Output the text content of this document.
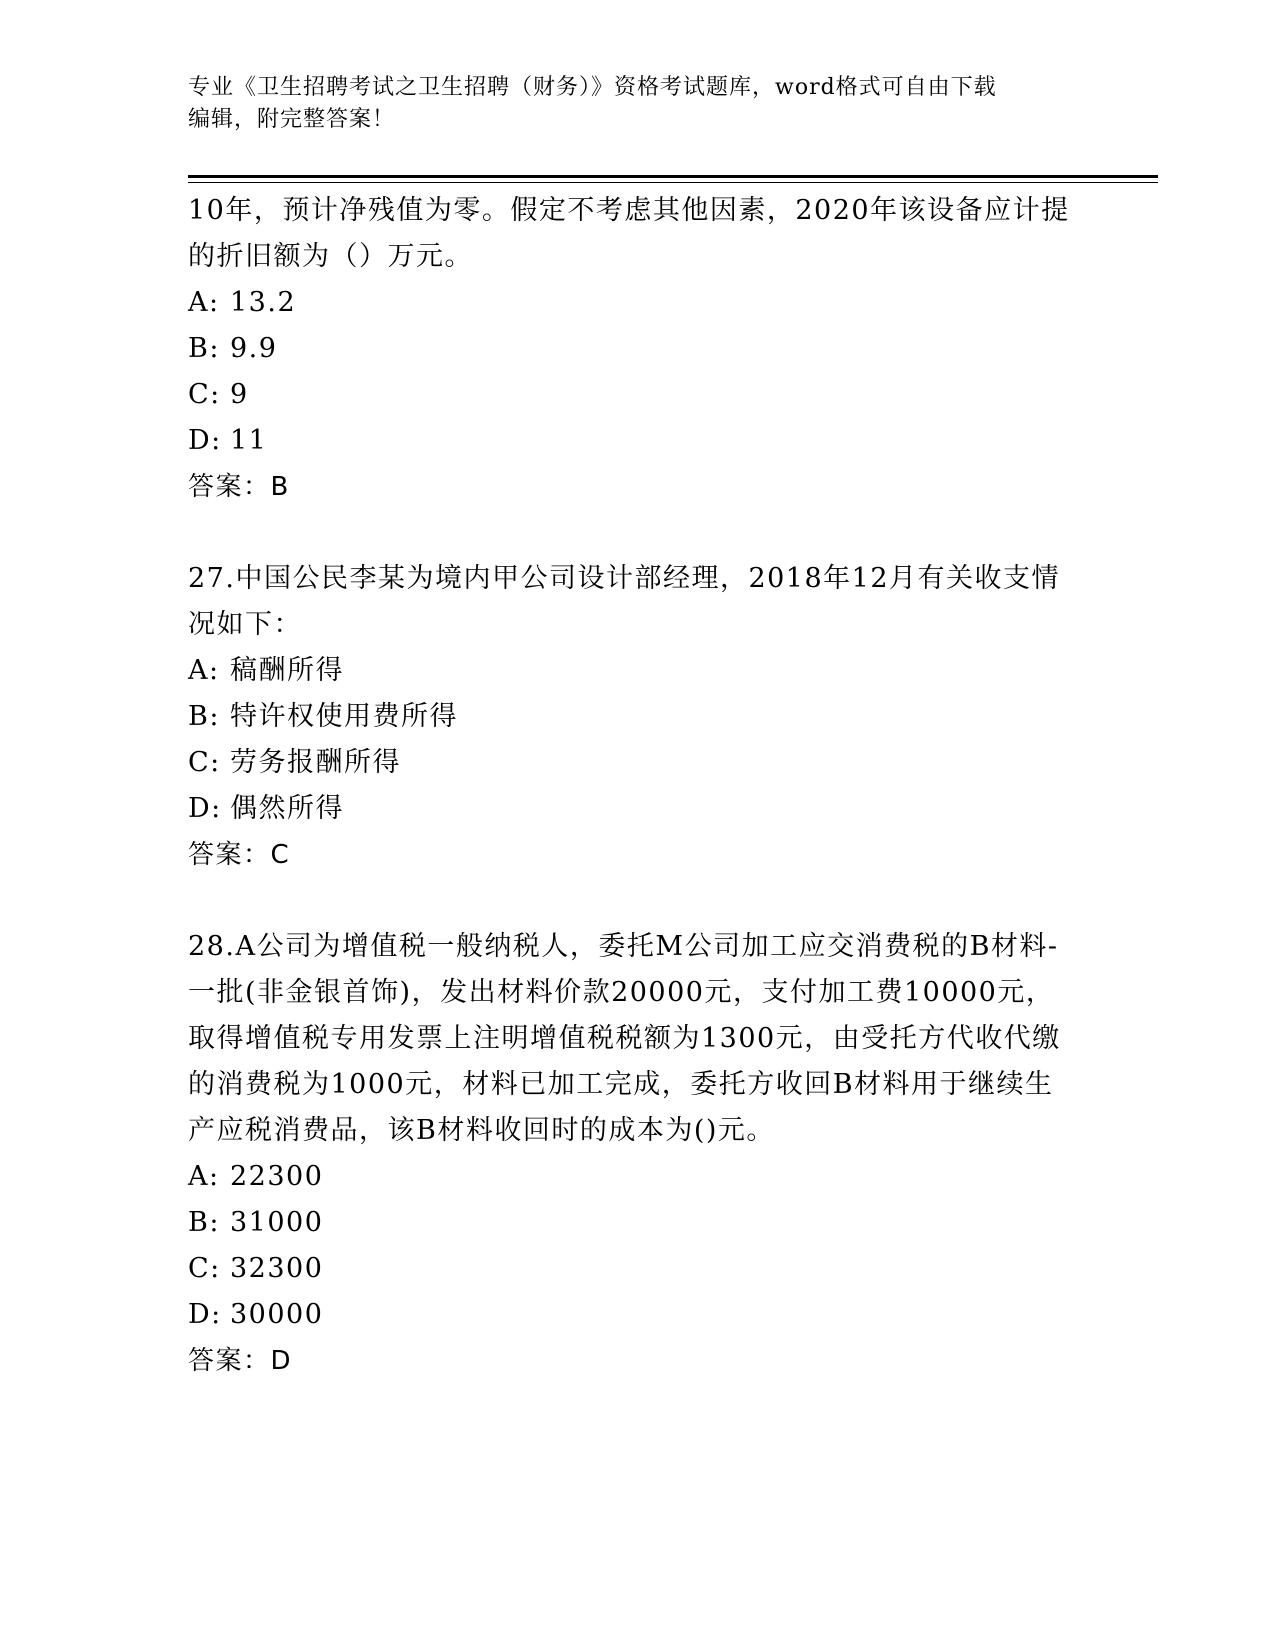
专业《卫生招聘考试之卫生招聘（财务）》资格考试题库，word格式可自由下载
编辑，附完整答案！

10年，预计净残值为零。假定不考虑其他因素，2020年该设备应计提

的折旧额为（）万元。

A: 13.2

B: 9.9

C: 9

D: 11

答案：B

27.中国公民李某为境内甲公司设计部经理，2018年12月有关收支情

况如下：

A: 稿酬所得

B: 特许权使用费所得

C: 劳务报酬所得

D: 偶然所得

答案：C

28.A公司为增值税一般纳税人，委托M公司加工应交消费税的B材料-

一批(非金银首饰)，发出材料价款20000元，支付加工费10000元，

取得增值税专用发票上注明增值税税额为1300元，由受托方代收代缴

的消费税为1000元，材料已加工完成，委托方收回B材料用于继续生

产应税消费品，该B材料收回时的成本为()元。

A: 22300

B: 31000

C: 32300

D: 30000

答案：D
